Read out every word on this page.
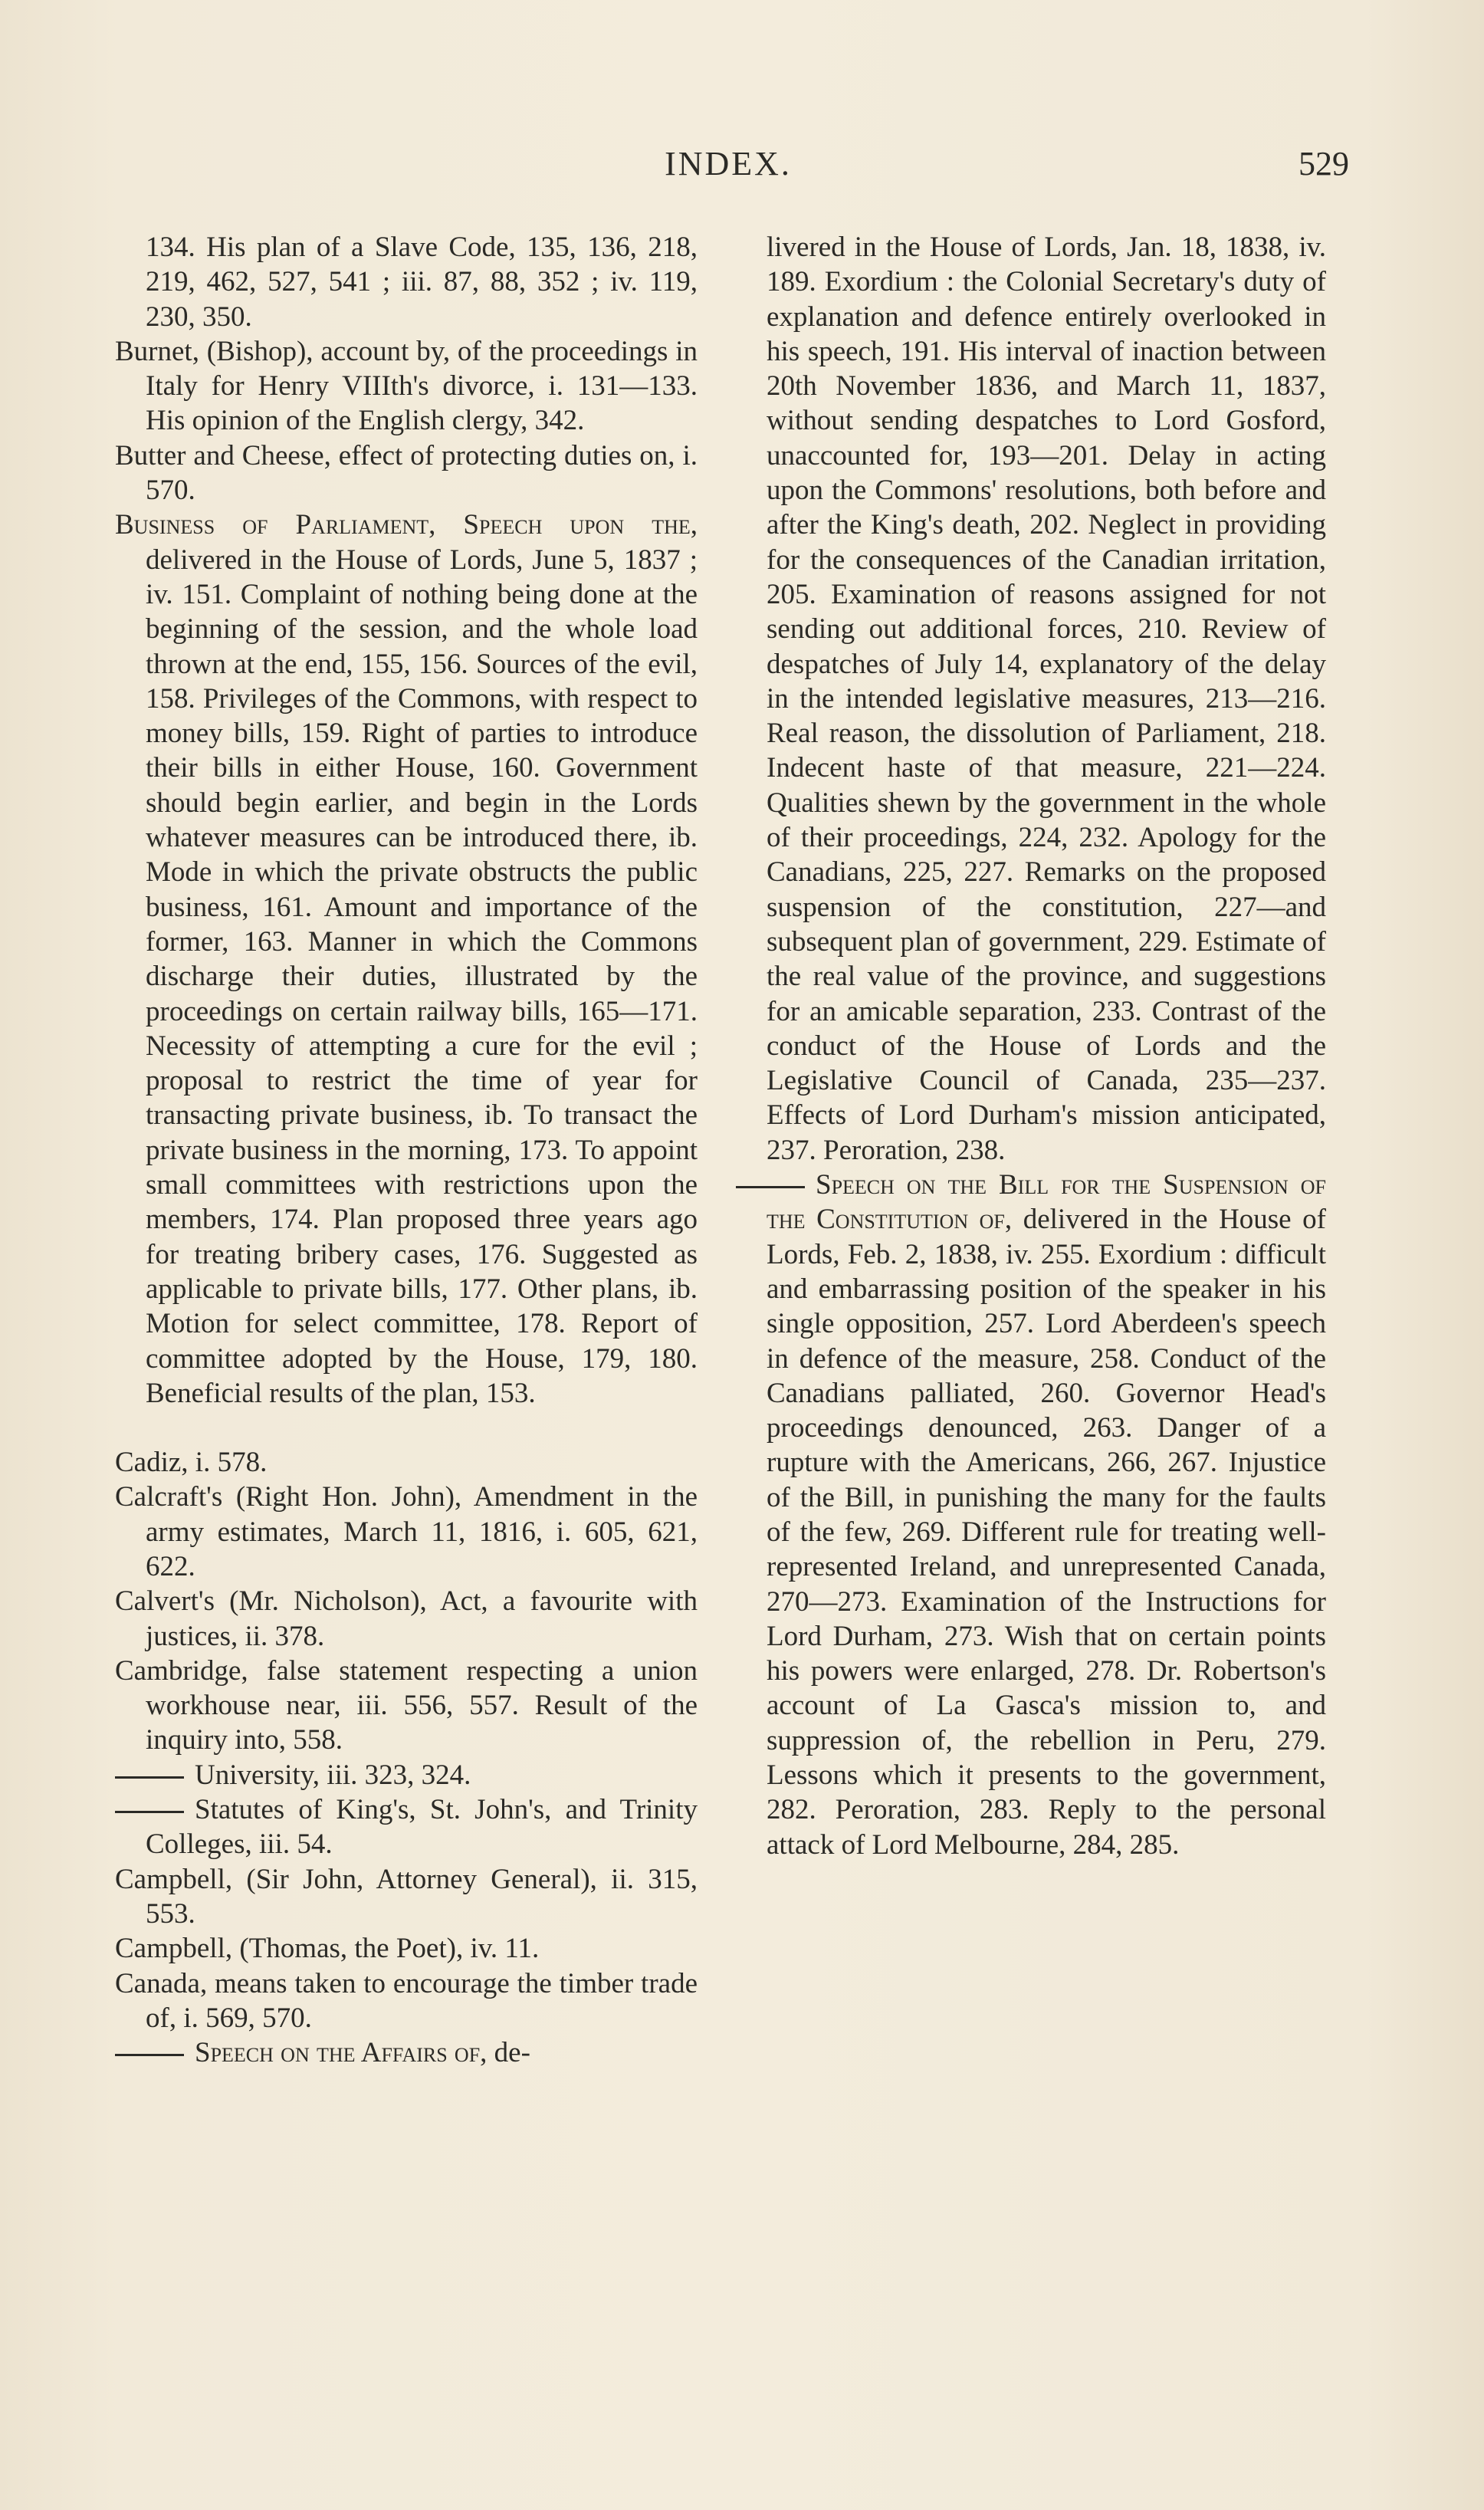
INDEX.	529

134. His plan of a Slave Code, 135, 136, 218, 219, 462, 527, 541 ; iii. 87, 88, 352 ; iv. 119, 230, 350.

Burnet, (Bishop), account by, of the proceedings in Italy for Henry VIIIth's divorce, i. 131—133. His opinion of the English clergy, 342.

Butter and Cheese, effect of protecting duties on, i. 570.

Business of Parliament, Speech upon the, delivered in the House of Lords, June 5, 1837 ; iv. 151. Complaint of nothing being done at the beginning of the session, and the whole load thrown at the end, 155, 156. Sources of the evil, 158. Privileges of the Commons, with respect to money bills, 159. Right of parties to introduce their bills in either House, 160. Government should begin earlier, and begin in the Lords whatever measures can be introduced there, ib. Mode in which the private obstructs the public business, 161. Amount and importance of the former, 163. Manner in which the Commons discharge their duties, illustrated by the proceedings on certain railway bills, 165—171. Necessity of attempting a cure for the evil ; proposal to restrict the time of year for transacting private business, ib. To transact the private business in the morning, 173. To appoint small committees with restrictions upon the members, 174. Plan proposed three years ago for treating bribery cases, 176. Suggested as applicable to private bills, 177. Other plans, ib. Motion for select committee, 178. Report of committee adopted by the House, 179, 180. Beneficial results of the plan, 153.

Cadiz, i. 578.

Calcraft's (Right Hon. John), Amendment in the army estimates, March 11, 1816, i. 605, 621, 622.

Calvert's (Mr. Nicholson), Act, a favourite with justices, ii. 378.

Cambridge, false statement respecting a union workhouse near, iii. 556, 557. Result of the inquiry into, 558.

University, iii. 323, 324.

Statutes of King's, St. John's, and Trinity Colleges, iii. 54.

Campbell, (Sir John, Attorney General), ii. 315, 553.

Campbell, (Thomas, the Poet), iv. 11.

Canada, means taken to encourage the timber trade of, i. 569, 570.

Speech on the Affairs of, de-

livered in the House of Lords, Jan. 18, 1838, iv. 189. Exordium : the Colonial Secretary's duty of explanation and defence entirely overlooked in his speech, 191. His interval of inaction between 20th November 1836, and March 11, 1837, without sending despatches to Lord Gosford, unaccounted for, 193—201. Delay in acting upon the Commons' resolutions, both before and after the King's death, 202. Neglect in providing for the consequences of the Canadian irritation, 205. Examination of reasons assigned for not sending out additional forces, 210. Review of despatches of July 14, explanatory of the delay in the intended legislative measures, 213—216. Real reason, the dissolution of Parliament, 218. Indecent haste of that measure, 221—224. Qualities shewn by the government in the whole of their proceedings, 224, 232. Apology for the Canadians, 225, 227. Remarks on the proposed suspension of the constitution, 227—and subsequent plan of government, 229. Estimate of the real value of the province, and suggestions for an amicable separation, 233. Contrast of the conduct of the House of Lords and the Legislative Council of Canada, 235—237. Effects of Lord Durham's mission anticipated, 237. Peroration, 238.

Speech on the Bill for the Suspension of the Constitution of, delivered in the House of Lords, Feb. 2, 1838, iv. 255. Exordium : difficult and embarrassing position of the speaker in his single opposition, 257. Lord Aberdeen's speech in defence of the measure, 258. Conduct of the Canadians palliated, 260. Governor Head's proceedings denounced, 263. Danger of a rupture with the Americans, 266, 267. Injustice of the Bill, in punishing the many for the faults of the few, 269. Different rule for treating well-represented Ireland, and unrepresented Canada, 270—273. Examination of the Instructions for Lord Durham, 273. Wish that on certain points his powers were enlarged, 278. Dr. Robertson's account of La Gasca's mission to, and suppression of, the rebellion in Peru, 279. Lessons which it presents to the government, 282. Peroration, 283. Reply to the personal attack of Lord Melbourne, 284, 285.
